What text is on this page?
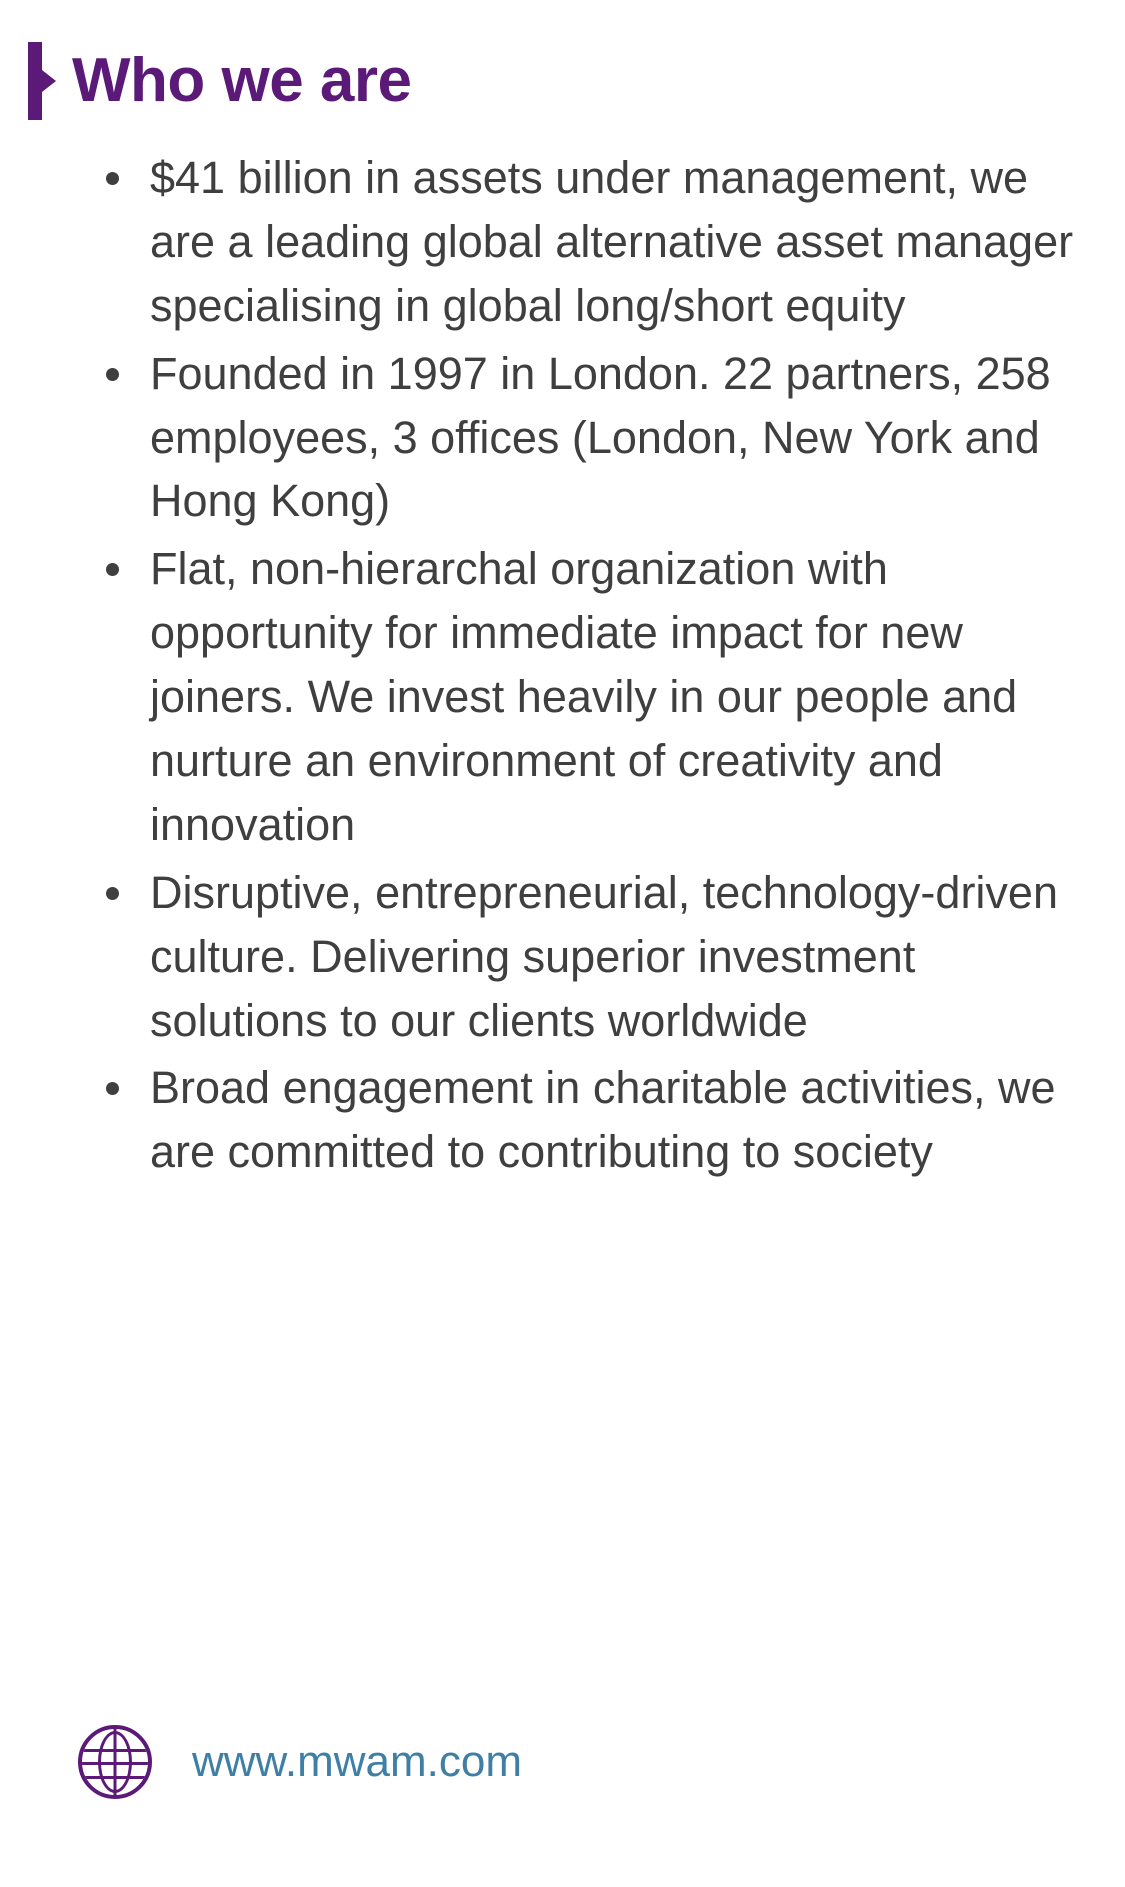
Who we are
$41 billion in assets under management, we are a leading global alternative asset manager specialising in global long/short equity
Founded in 1997 in London. 22 partners, 258 employees, 3 offices (London, New York and Hong Kong)
Flat, non-hierarchal organization with opportunity for immediate impact for new joiners. We invest heavily in our people and nurture an environment of creativity and innovation
Disruptive, entrepreneurial, technology-driven culture. Delivering superior investment solutions to our clients worldwide
Broad engagement in charitable activities, we are committed to contributing to society
www.mwam.com
